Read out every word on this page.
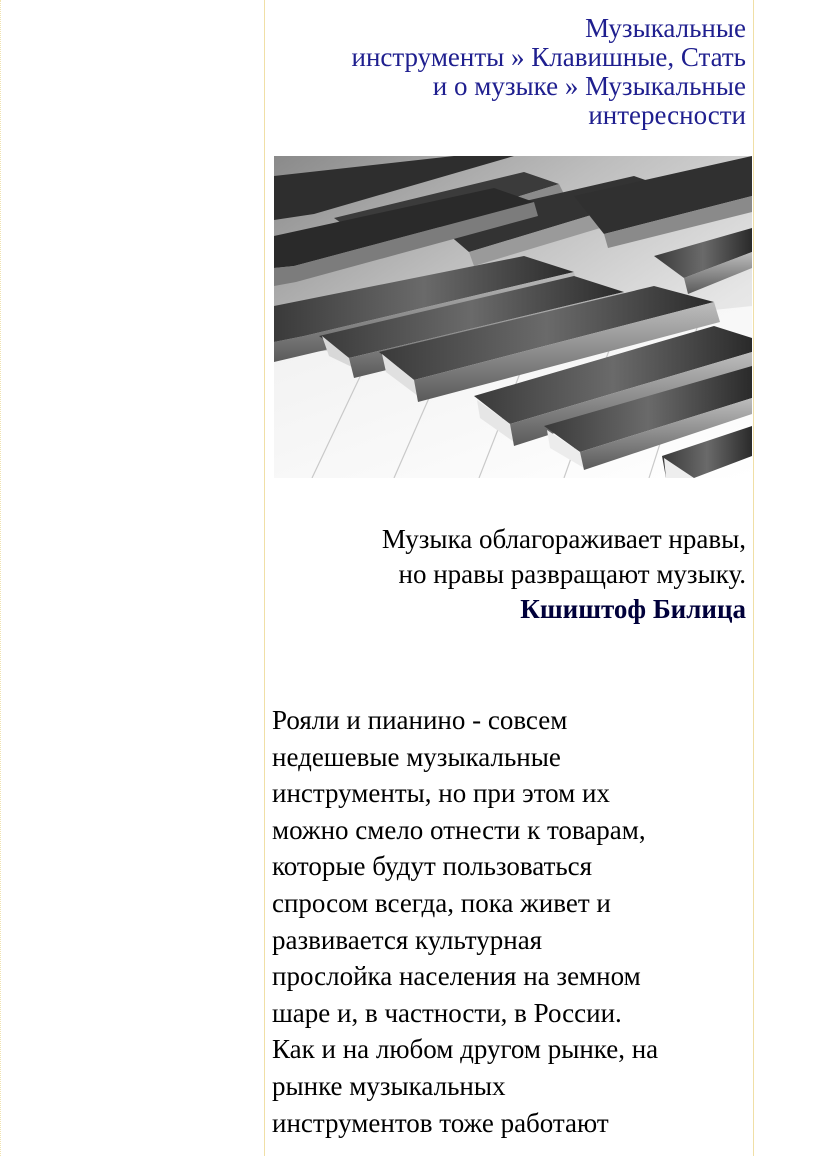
Музыкальные
инструменты » Клавишные, Стать
и о музыке » Музыкальные
интересности

Музыка облагораживает нравы,

но нравы развращают музыку.

Кшиштоф Билица

Рояли и пианино - совсем
недешевые музыкальные
инструменты, но при этом их
можно смело отнести к товарам,
которые будут пользоваться
спросом всегда, пока живет и
развивается культурная
прослойка населения на земном
шаре и, в частности, в России.
Как и на любом другом рынке, на
рынке музыкальных
инструментов тоже работают
